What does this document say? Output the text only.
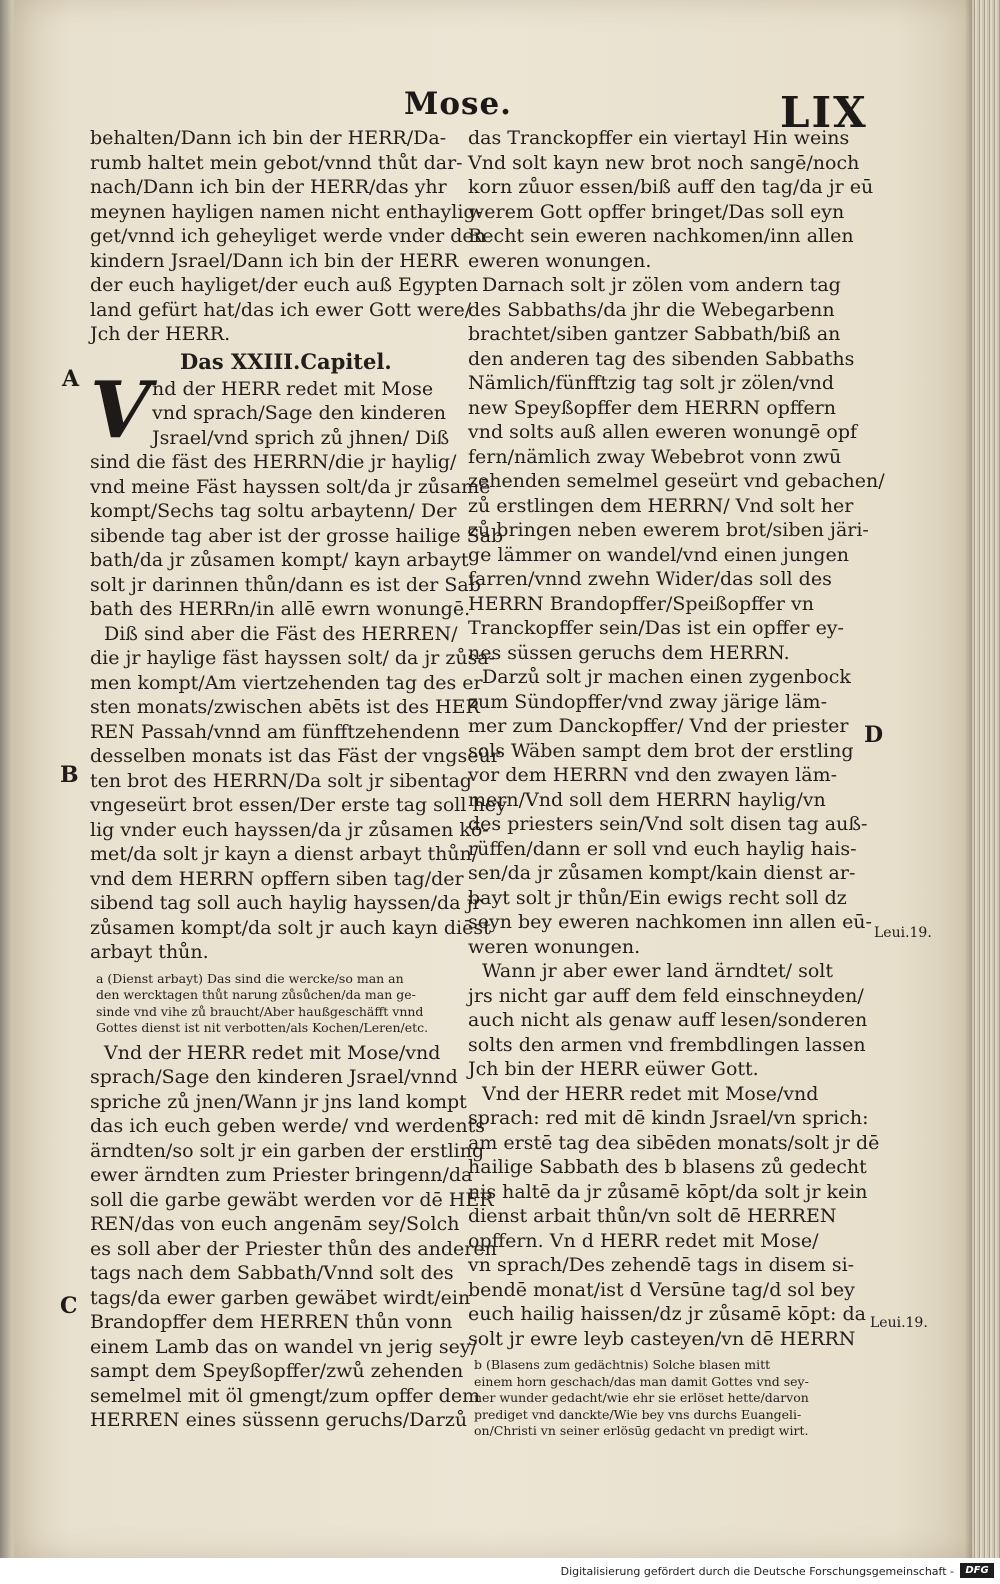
Mose.	LIX
behalten/Dann ich bin der HERR/Da-
rumb haltet mein gebot/vnnd thůt dar-
nach/Dann ich bin der HERR/das yhr
meynen hayligen namen nicht enthaylig-
get/vnnd ich geheyliget werde vnder den
kindern Jsrael/Dann ich bin der HERR
der euch hayliget/der euch auß Egypten
land gefürt hat/das ich ewer Gott were/
Jch der HERR.
Das XXIII.Capitel.
V nd der HERR redet mit Mose
vnd sprach/Sage den kinderen
Jsrael/vnd sprich zů jhnen/ Diß
sind die fäst des HERRN/die jr haylig/
vnd meine Fäst hayssen solt/da jr zůsamē
kompt/Sechs tag soltu arbaytenn/ Der
sibende tag aber ist der grosse hailige Sab
bath/da jr zůsamen kompt/ kayn arbayt
solt jr darinnen thůn/dann es ist der Sab
bath des HERRn/in allē ewrn wonungē.
Diß sind aber die Fäst des HERREN/
die jr haylige fäst hayssen solt/ da jr zůsa-
men kompt/Am viertzehenden tag des er
sten monats/zwischen abēts ist des HER
REN Passah/vnnd am fünfftzehendenn
desselben monats ist das Fäst der vngseür
ten brot des HERRN/Da solt jr sibentag
vngeseürt brot essen/Der erste tag soll hey
lig vnder euch hayssen/da jr zůsamen kō-
met/da solt jr kayn a dienst arbayt thůn/
vnd dem HERRN opffern siben tag/der
sibend tag soll auch haylig hayssen/da jr
zůsamen kompt/da solt jr auch kayn diēst
arbayt thůn.
a (Dienst arbayt) Das sind die wercke/so man an
den wercktagen thůt narung zůsůchen/da man ge-
sinde vnd vihe zů braucht/Aber haußgeschäfft vnnd
Gottes dienst ist nit verbotten/als Kochen/Leren/etc.
Vnd der HERR redet mit Mose/vnd
sprach/Sage den kinderen Jsrael/vnnd
spriche zů jnen/Wann jr jns land kompt
das ich euch geben werde/ vnd werdents
ärndten/so solt jr ein garben der erstling
ewer ärndten zum Priester bringenn/da
soll die garbe gewäbt werden vor dē HER
REN/das von euch angenām sey/Solch
es soll aber der Priester thůn des anderen
tags nach dem Sabbath/Vnnd solt des
tags/da ewer garben gewäbet wirdt/ein
Brandopffer dem HERREN thůn vonn
einem Lamb das on wandel vn jerig sey/
sampt dem Speyßopffer/zwů zehenden
semelmel mit öl gmengt/zum opffer dem
HERREN eines süssenn geruchs/Darzů
das Tranckopffer ein viertayl Hin weins
Vnd solt kayn new brot noch sangē/noch
korn zůuor essen/biß auff den tag/da jr eū
werem Gott opffer bringet/Das soll eyn
Recht sein eweren nachkomen/inn allen
eweren wonungen.
Darnach solt jr zölen vom andern tag
des Sabbaths/da jhr die Webegarbenn
brachtet/siben gantzer Sabbath/biß an
den anderen tag des sibenden Sabbaths
Nämlich/fünfftzig tag solt jr zölen/vnd
new Speyßopffer dem HERRN opffern
vnd solts auß allen eweren wonungē opf
fern/nämlich zway Webebrot vonn zwū
zehenden semelmel geseürt vnd gebachen/
zů erstlingen dem HERRN/ Vnd solt her
zů bringen neben ewerem brot/siben järi-
ge lämmer on wandel/vnd einen jungen
farren/vnnd zwehn Wider/das soll des
HERRN Brandopffer/Speißopffer vn
Tranckopffer sein/Das ist ein opffer ey-
nes süssen geruchs dem HERRN.
Darzů solt jr machen einen zygenbock
zum Sündopffer/vnd zway järige läm-
mer zum Danckopffer/ Vnd der priester
sols Wäben sampt dem brot der erstling
vor dem HERRN vnd den zwayen läm-
mern/Vnd soll dem HERRN haylig/vn
des priesters sein/Vnd solt disen tag auß-
rüffen/dann er soll vnd euch haylig hais-
sen/da jr zůsamen kompt/kain dienst ar-
bayt solt jr thůn/Ein ewigs recht soll dz
seyn bey eweren nachkomen inn allen eū-
weren wonungen.
Wann jr aber ewer land ärndtet/ solt
jrs nicht gar auff dem feld einschneyden/
auch nicht als genaw auff lesen/sonderen
solts den armen vnd frembdlingen lassen
Jch bin der HERR eüwer Gott.
Vnd der HERR redet mit Mose/vnd
sprach: red mit dē kindn Jsrael/vn sprich:
am erstē tag dea sibēden monats/solt jr dē
hailige Sabbath des b blasens zů gedecht
nis haltē da jr zůsamē kōpt/da solt jr kein
dienst arbait thůn/vn solt dē HERREN
opffern. Vn d HERR redet mit Mose/
vn sprach/Des zehendē tags in disem si-
bendē monat/ist d Versūne tag/d sol bey
euch hailig haissen/dz jr zůsamē kōpt: da
solt jr ewre leyb casteyen/vn dē HERRN
b (Blasens zum gedächtnis) Solche blasen mitt
einem horn geschach/das man damit Gottes vnd sey-
ner wunder gedacht/wie ehr sie erlöset hette/darvon
prediget vnd danckte/Wie bey vns durchs Euangeli-
on/Christi vn seiner erlösūg gedacht vn predigt wirt.
A
B
C
D
Leui.19.
Leui.19.
Digitalisierung gefördert durch die Deutsche Forschungsgemeinschaft -	DFG
